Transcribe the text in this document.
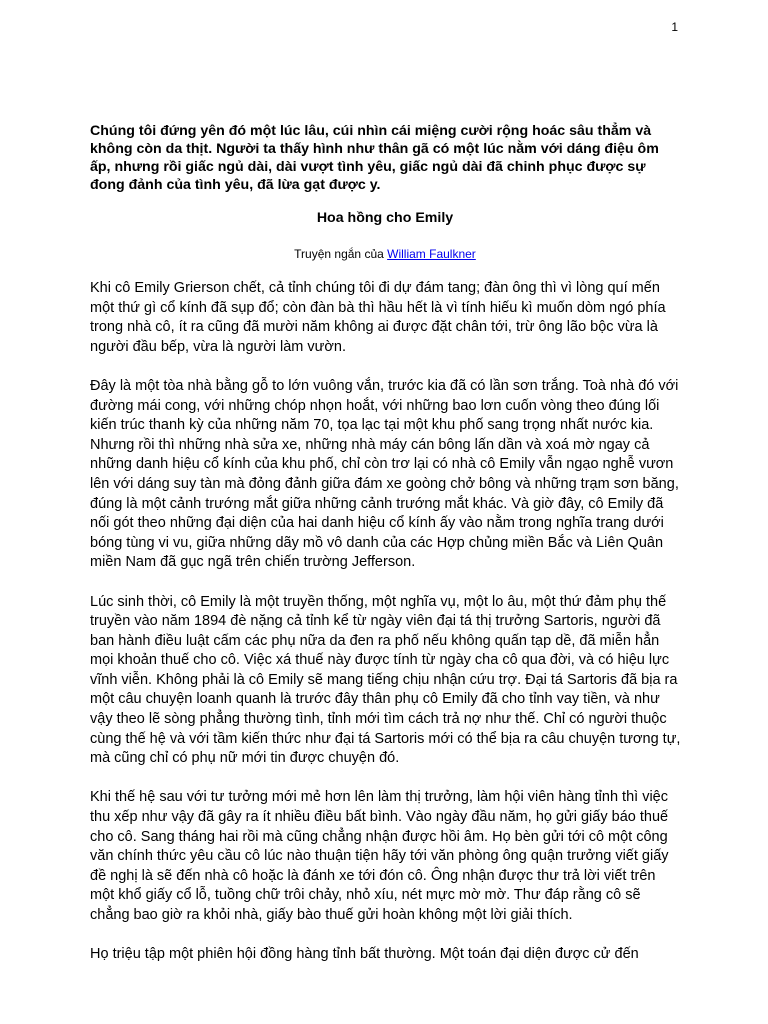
1

Chúng tôi đứng yên đó một lúc lâu, cúi nhìn cái miệng cười rộng hoác sâu thẳm và không còn da thịt. Người ta thấy hình như thân gã có một lúc nằm với dáng điệu ôm ấp, nhưng rồi giấc ngủ dài, dài vượt tình yêu, giấc ngủ dài đã chinh phục được sự đong đảnh của tình yêu, đã lừa gạt được y.

Hoa hồng cho Emily
Truyện ngắn của William Faulkner

Khi cô Emily Grierson chết, cả tỉnh chúng tôi đi dự đám tang; đàn ông thì vì lòng quí mến một thứ gì cổ kính đã sụp đổ; còn đàn bà thì hầu hết là vì tính hiếu kì muốn dòm ngó phía trong nhà cô, ít ra cũng đã mười năm không ai được đặt chân tới, trừ ông lão bộc vừa là người đầu bếp, vừa là người làm vườn.

Đây là một tòa nhà bằng gỗ to lớn vuông vắn, trước kia đã có lần sơn trắng. Toà nhà đó với đường mái cong, với những chóp nhọn hoắt, với những bao lơn cuốn vòng theo đúng lối kiến trúc thanh kỳ của những năm 70, tọa lạc tại một khu phố sang trọng nhất nước kia. Nhưng rồi thì những nhà sửa xe, những nhà máy cán bông lấn dần và xoá mờ ngay cả những danh hiệu cổ kính của khu phố, chỉ còn trơ lại có nhà cô Emily vẫn ngạo nghễ vươn lên với dáng suy tàn mà đỏng đảnh giữa đám xe goòng chở bông và những trạm sơn băng, đúng là một cảnh trướng mắt giữa những cảnh trướng mắt khác. Và giờ đây, cô Emily đã nối gót theo những đại diện của hai danh hiệu cổ kính ấy vào nằm trong nghĩa trang dưới bóng tùng vi vu, giữa những dãy mồ vô danh của các Hợp chủng miền Bắc và Liên Quân miền Nam đã gục ngã trên chiến trường Jefferson.

Lúc sinh thời, cô Emily là một truyền thống, một nghĩa vụ, một lo âu, một thứ đảm phụ thế truyền vào năm 1894 đè nặng cả tỉnh kể từ ngày viên đại tá thị trưởng Sartoris, người đã ban hành điều luật cấm các phụ nữa da đen ra phố nếu không quấn tạp dề, đã miễn hẳn mọi khoản thuế cho cô. Việc xá thuế này được tính từ ngày cha cô qua đời, và có hiệu lực vĩnh viễn. Không phải là cô Emily sẽ mang tiếng chịu nhận cứu trợ. Đại tá Sartoris đã bịa ra một câu chuyện loanh quanh là trước đây thân phụ cô Emily đã cho tỉnh vay tiền, và như vậy theo lẽ sòng phẳng thường tình, tỉnh mới tìm cách trả nợ như thế. Chỉ có người thuộc cùng thế hệ và với tầm kiến thức như đại tá Sartoris mới có thể bịa ra câu chuyện tương tự, mà cũng chỉ có phụ nữ mới tin được chuyện đó.

Khi thế hệ sau với tư tưởng mới mẻ hơn lên làm thị trưởng, làm hội viên hàng tỉnh thì việc thu xếp như vậy đã gây ra ít nhiều điều bất bình. Vào ngày đầu năm, họ gửi giấy báo thuế cho cô. Sang tháng hai rồi mà cũng chẳng nhận được hồi âm. Họ bèn gửi tới cô một công văn chính thức yêu cầu cô lúc nào thuận tiện hãy tới văn phòng ông quận trưởng viết giấy đề nghị là sẽ đến nhà cô hoặc là đánh xe tới đón cô. Ông nhận được thư trả lời viết trên một khổ giấy cổ lỗ, tuồng chữ trôi chảy, nhỏ xíu, nét mực mờ mờ. Thư đáp rằng cô sẽ chẳng bao giờ ra khỏi nhà, giấy bào thuế gửi hoàn không một lời giải thích.

Họ triệu tập một phiên hội đồng hàng tỉnh bất thường. Một toán đại diện được cử đến
